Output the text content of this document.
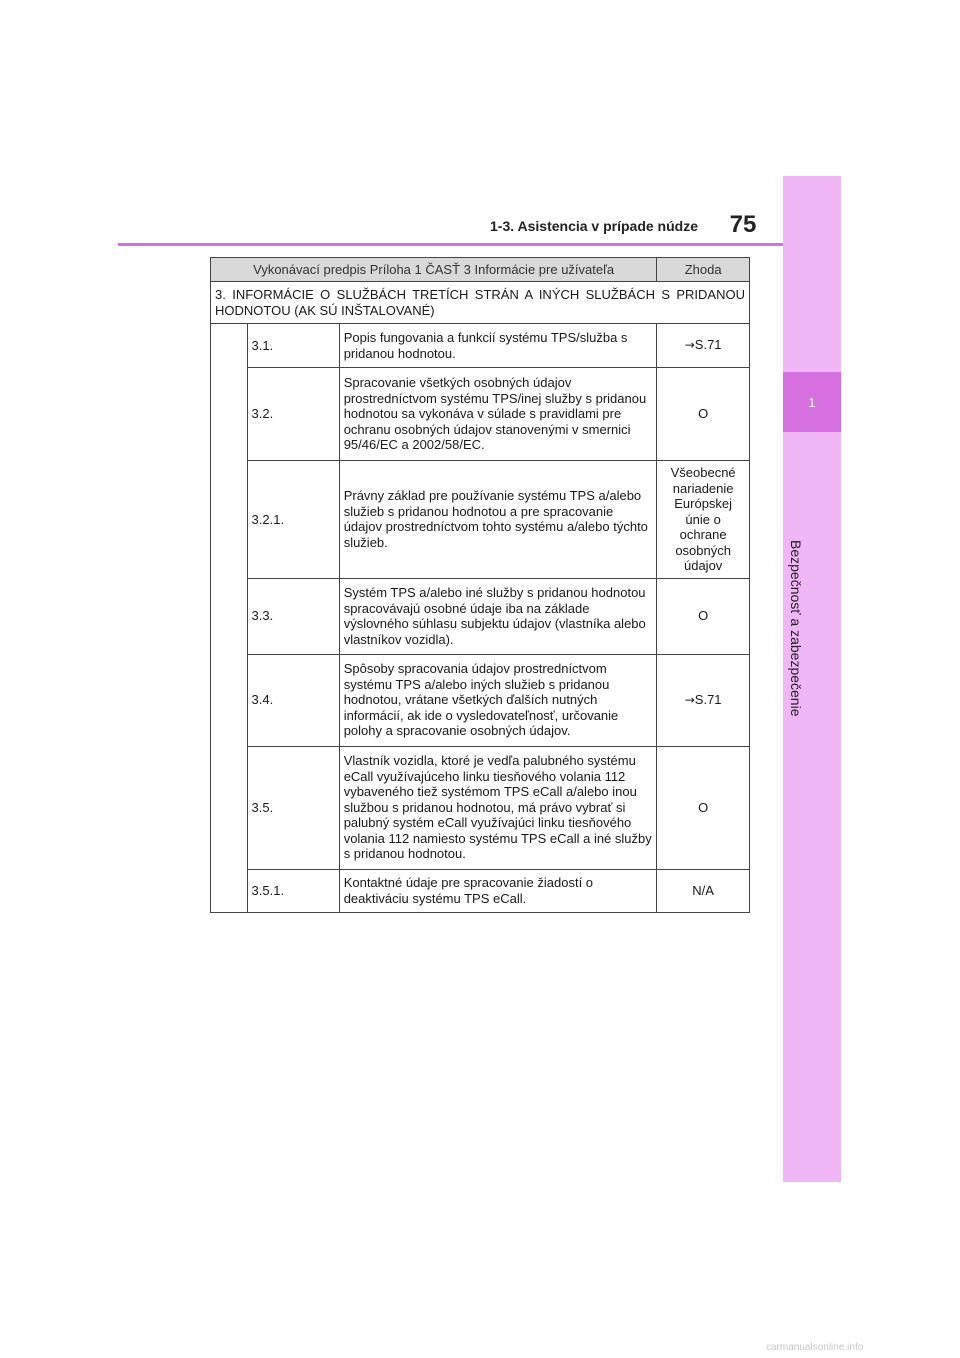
1
Bezpečnosť a zabezpečenie
1-3. Asistencia v prípade núdze	75
Vykonávací predpis Príloha 1 ČASŤ 3 Informácie pre užívateľa			Zhoda
3. INFORMÁCIE O SLUŽBÁCH TRETÍCH STRÁN A INÝCH SLUŽBÁCH S PRIDANOU HODNOTOU (AK SÚ INŠTALOVANÉ)			
	3.1.	Popis fungovania a funkcií systému TPS/služba s pridanou hodnotou.	→S.71
	3.2.	Spracovanie všetkých osobných údajov prostredníctvom systému TPS/inej služby s pridanou hodnotou sa vykonáva v súlade s pravidlami pre ochranu osobných údajov stanovenými v smernici 95/46/EC a 2002/58/EC.	O
	3.2.1.	Právny základ pre používanie systému TPS a/alebo služieb s pridanou hodnotou a pre spracovanie údajov prostredníctvom tohto systému a/alebo týchto služieb.	Všeobecné nariadenie Európskej únie o ochrane osobných údajov
	3.3.	Systém TPS a/alebo iné služby s pridanou hodnotou spracovávajú osobné údaje iba na základe výslovného súhlasu subjektu údajov (vlastníka alebo vlastníkov vozidla).	O
	3.4.	Spôsoby spracovania údajov prostredníctvom systému TPS a/alebo iných služieb s pridanou hodnotou, vrátane všetkých ďalších nutných informácií, ak ide o vysledovateľnosť, určovanie polohy a spracovanie osobných údajov.	→S.71
	3.5.	Vlastník vozidla, ktoré je vedľa palubného systému eCall využívajúceho linku tiesňového volania 112 vybaveného tiež systémom TPS eCall a/alebo inou službou s pridanou hodnotou, má právo vybrať si palubný systém eCall využívajúci linku tiesňového volania 112 namiesto systému TPS eCall a iné služby s pridanou hodnotou.	O
	3.5.1.	Kontaktné údaje pre spracovanie žiadostí o deaktiváciu systému TPS eCall.	N/A
carmanualsonline.info
